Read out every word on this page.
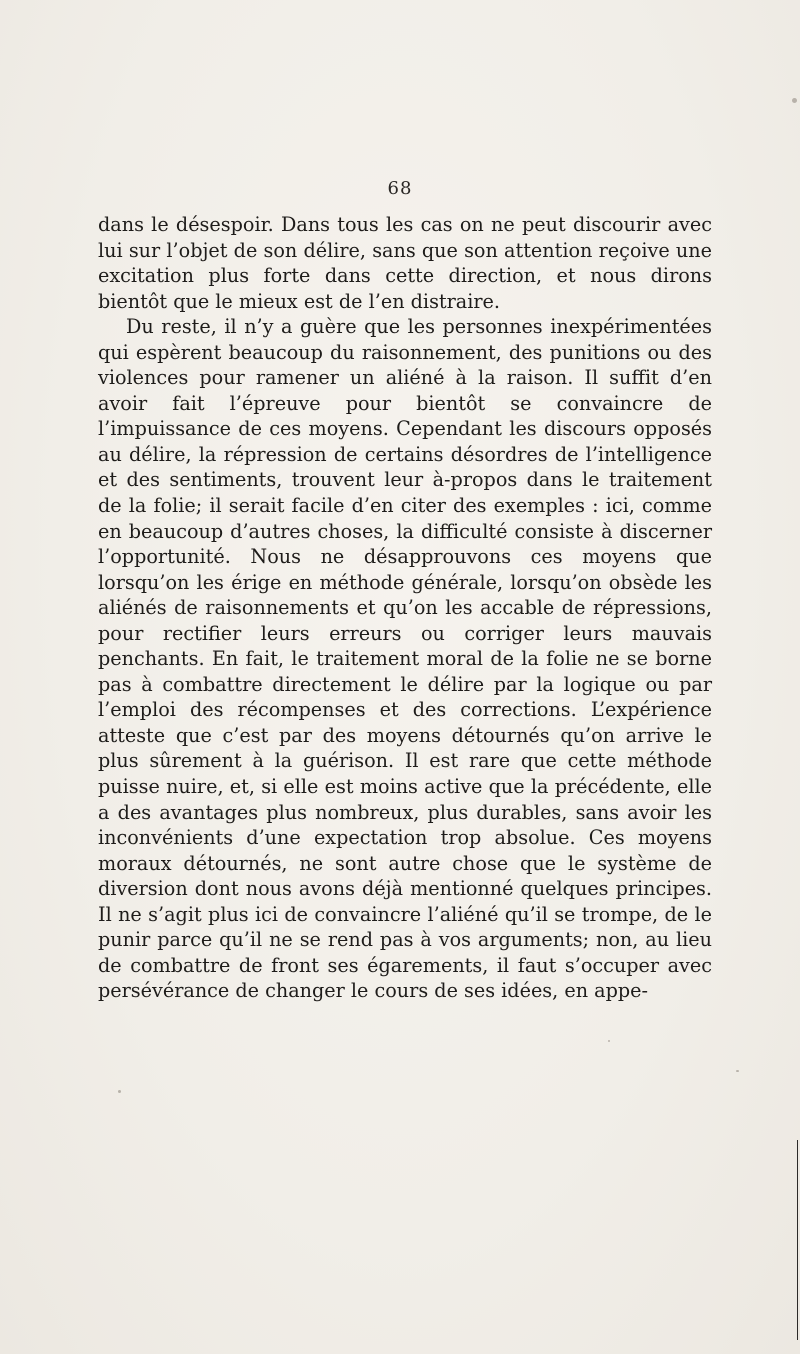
68

dans le désespoir. Dans tous les cas on ne peut discourir avec lui sur l’objet de son délire, sans que son attention reçoive une excitation plus forte dans cette direction, et nous dirons bientôt que le mieux est de l’en distraire.

Du reste, il n’y a guère que les personnes inexpérimentées qui espèrent beaucoup du raisonnement, des punitions ou des violences pour ramener un aliéné à la raison. Il suffit d’en avoir fait l’épreuve pour bientôt se convaincre de l’impuissance de ces moyens. Cependant les discours opposés au délire, la répression de certains désordres de l’intelligence et des sentiments, trouvent leur à-propos dans le traitement de la folie; il serait facile d’en citer des exemples : ici, comme en beaucoup d’autres choses, la difficulté consiste à discerner l’opportunité. Nous ne désapprouvons ces moyens que lorsqu’on les érige en méthode générale, lorsqu’on obsède les aliénés de raisonnements et qu’on les accable de répressions, pour rectifier leurs erreurs ou corriger leurs mauvais penchants. En fait, le traitement moral de la folie ne se borne pas à combattre directement le délire par la logique ou par l’emploi des récompenses et des corrections. L’expérience atteste que c’est par des moyens détournés qu’on arrive le plus sûrement à la guérison. Il est rare que cette méthode puisse nuire, et, si elle est moins active que la précédente, elle a des avantages plus nombreux, plus durables, sans avoir les inconvénients d’une expectation trop absolue. Ces moyens moraux détournés, ne sont autre chose que le système de diversion dont nous avons déjà mentionné quelques principes. Il ne s’agit plus ici de convaincre l’aliéné qu’il se trompe, de le punir parce qu’il ne se rend pas à vos arguments; non, au lieu de combattre de front ses égarements, il faut s’occuper avec persévérance de changer le cours de ses idées, en appe-
